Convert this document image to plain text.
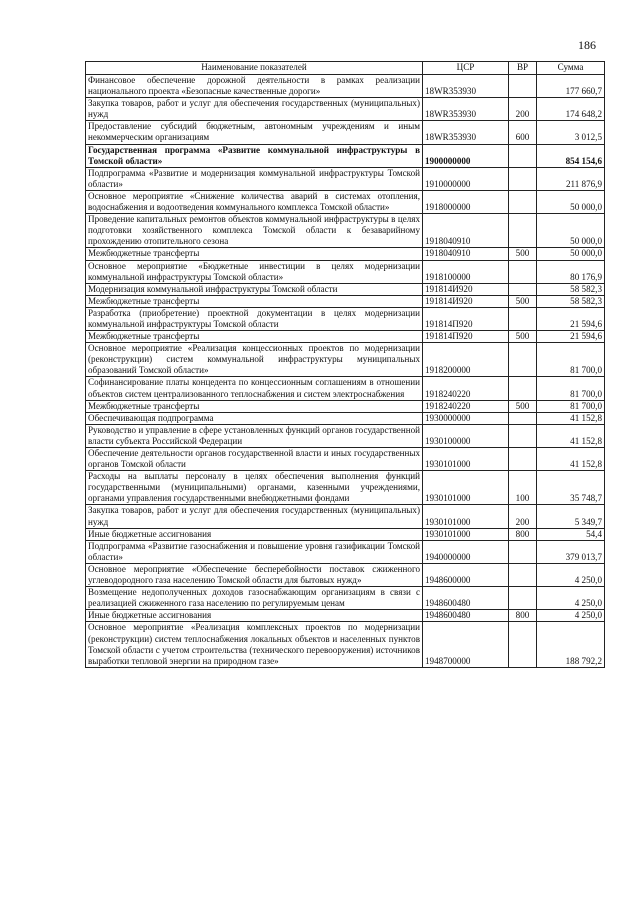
186
Наименование показателей	ЦСР	ВР	Сумма
Финансовое обеспечение дорожной деятельности в рамках реализации национального проекта «Безопасные качественные дороги»	18WR353930		177 660,7
Закупка товаров, работ и услуг для обеспечения государственных (муниципальных) нужд	18WR353930	200	174 648,2
Предоставление субсидий бюджетным, автономным учреждениям и иным некоммерческим организациям	18WR353930	600	3 012,5
Государственная программа «Развитие коммунальной инфраструктуры в Томской области»	1900000000		854 154,6
Подпрограмма «Развитие и модернизация коммунальной инфраструктуры Томской области»	1910000000		211 876,9
Основное мероприятие «Снижение количества аварий в системах отопления, водоснабжения и водоотведения коммунального комплекса Томской области»	1918000000		50 000,0
Проведение капитальных ремонтов объектов коммунальной инфраструктуры в целях подготовки хозяйственного комплекса Томской области к безаварийному прохождению отопительного сезона	1918040910		50 000,0
Межбюджетные трансферты	1918040910	500	50 000,0
Основное мероприятие «Бюджетные инвестиции в целях модернизации коммунальной инфраструктуры Томской области»	1918100000		80 176,9
Модернизация коммунальной инфраструктуры Томской области	191814И920		58 582,3
Межбюджетные трансферты	191814И920	500	58 582,3
Разработка (приобретение) проектной документации в целях модернизации коммунальной инфраструктуры Томской области	191814П920		21 594,6
Межбюджетные трансферты	191814П920	500	21 594,6
Основное мероприятие «Реализация концессионных проектов по модернизации (реконструкции) систем коммунальной инфраструктуры муниципальных образований Томской области»	1918200000		81 700,0
Софинансирование платы концедента по концессионным соглашениям в отношении объектов систем централизованного теплоснабжения и систем электроснабжения	1918240220		81 700,0
Межбюджетные трансферты	1918240220	500	81 700,0
Обеспечивающая подпрограмма	1930000000		41 152,8
Руководство и управление в сфере установленных функций органов государственной власти субъекта Российской Федерации	1930100000		41 152,8
Обеспечение деятельности органов государственной власти и иных государственных органов Томской области	1930101000		41 152,8
Расходы на выплаты персоналу в целях обеспечения выполнения функций государственными (муниципальными) органами, казенными учреждениями, органами управления государственными внебюджетными фондами	1930101000	100	35 748,7
Закупка товаров, работ и услуг для обеспечения государственных (муниципальных) нужд	1930101000	200	5 349,7
Иные бюджетные ассигнования	1930101000	800	54,4
Подпрограмма «Развитие газоснабжения и повышение уровня газификации Томской области»	1940000000		379 013,7
Основное мероприятие «Обеспечение бесперебойности поставок сжиженного углеводородного газа населению Томской области для бытовых нужд»	1948600000		4 250,0
Возмещение недополученных доходов газоснабжающим организациям в связи с реализацией сжиженного газа населению по регулируемым ценам	1948600480		4 250,0
Иные бюджетные ассигнования	1948600480	800	4 250,0
Основное мероприятие «Реализация комплексных проектов по модернизации (реконструкции) систем теплоснабжения локальных объектов и населенных пунктов Томской области с учетом строительства (технического перевооружения) источников выработки тепловой энергии на природном газе»	1948700000		188 792,2
